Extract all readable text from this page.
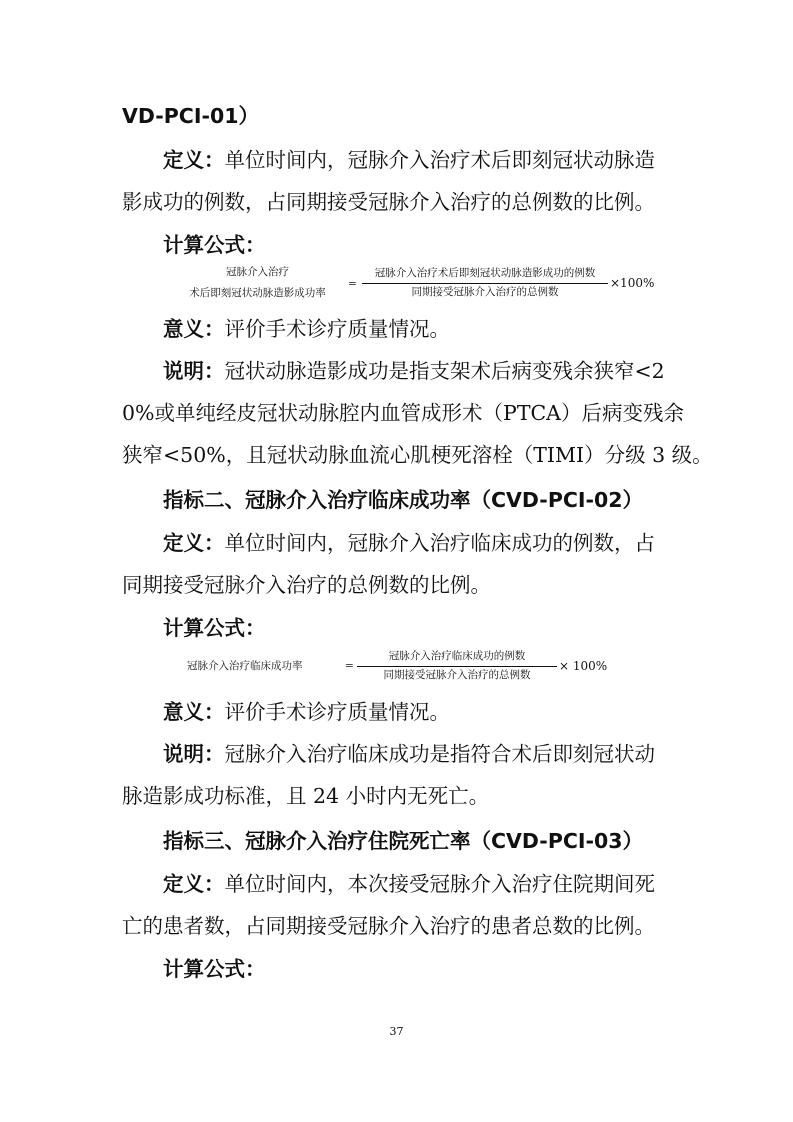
VD-PCI-01）
定义：单位时间内，冠脉介入治疗术后即刻冠状动脉造
影成功的例数，占同期接受冠脉介入治疗的总例数的比例。
计算公式：
冠脉介入治疗
术后即刻冠状动脉造影成功率
=
冠脉介入治疗术后即刻冠状动脉造影成功的例数
同期接受冠脉介入治疗的总例数
×100%
意义：评价手术诊疗质量情况。
说明：冠状动脉造影成功是指支架术后病变残余狭窄<2
0%或单纯经皮冠状动脉腔内血管成形术（PTCA）后病变残余
狭窄<50%，且冠状动脉血流心肌梗死溶栓（TIMI）分级 3 级。
指标二、冠脉介入治疗临床成功率（CVD-PCI-02）
定义：单位时间内，冠脉介入治疗临床成功的例数，占
同期接受冠脉介入治疗的总例数的比例。
计算公式：
冠脉介入治疗临床成功率	=
冠脉介入治疗临床成功的例数
同期接受冠脉介入治疗的总例数
× 100%
意义：评价手术诊疗质量情况。
说明：冠脉介入治疗临床成功是指符合术后即刻冠状动
脉造影成功标准，且 24 小时内无死亡。
指标三、冠脉介入治疗住院死亡率（CVD-PCI-03）
定义：单位时间内，本次接受冠脉介入治疗住院期间死
亡的患者数，占同期接受冠脉介入治疗的患者总数的比例。
计算公式：
37
